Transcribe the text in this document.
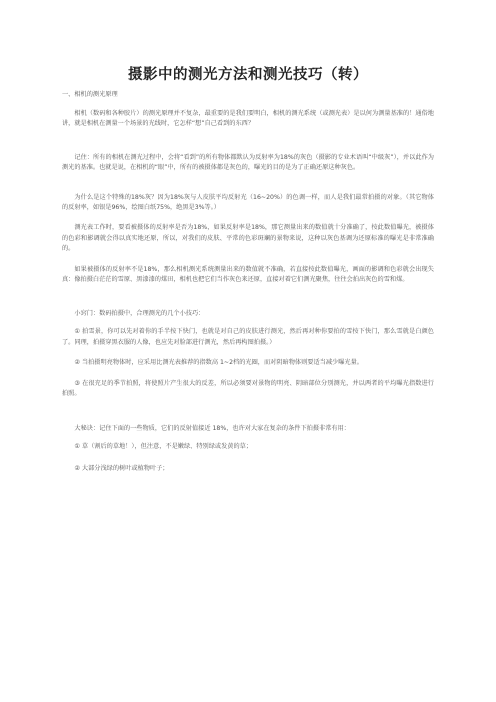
摄影中的测光方法和测光技巧（转）
一、相机的测光原理

相机（数码和各种胶片）的测光原理并不复杂，最重要的是我们要明白，相机的测光系统（或测光表）是以何为测量基准的！通俗地讲，就是相机在测量一个场景的光线时，它怎样“想”自己看到的东西？

记住：所有的相机在测光过程中，会将“看到”的所有物体都默认为反射率为18%的灰色（摄影的专业术语叫“中级灰”），并以此作为测光的基准。也就是说，在相机的“眼”中，所有的被摄体都是灰色的，曝光的目的是为了正确还原这种灰色。

为什么是这个特殊的18%灰？因为18%灰与人皮肤平均反射光（16~20%）的色调一样，而人是我们最常拍摄的对象。（其它物体的反射率，如银是96%，绘图白纸75%，绝黑是3%等。）

测光表工作时，要看被摄体的反射率是否为18%，如果反射率是18%，那它测量出来的数值就十分准确了，按此数值曝光，被摄体的色彩和影调就会得以真实地还原，所以，对我们的皮肤、平常的色彩斑斓的景物来说，这种以灰色基调为还原标准的曝光是非常准确的。

如果被摄体的反射率不是18%，那么相机测光系统测量出来的数值就不准确，若直接按此数值曝光，画面的影调和色彩就会出现失真：像拍摄白茫茫的雪原、黑漆漆的煤田，相机也把它们当作灰色来还原，直接对着它们测光聚焦，往往会拍出灰色的雪和煤。

小窍门：数码拍摄中，合理测光的几个小技巧：

① 拍雪景，你可以先对着你的手半按下快门，也就是对自己的皮肤进行测光，然后再对种你要拍的雪按下快门，那么雪就是白颜色了。同理，拍摄穿黑衣服的人像，也应先对脸部进行测光，然后再构图拍摄。）

② 当拍摄明亮物体时，应采用比测光表推荐的指数高 1~2档的光圈，而对阴暗物体则要适当减少曝光量。

③ 在很充足的季节拍照，将使照片产生很大的反差，所以必须要对景物的明亮、阴暗部位分别测光，并以两者的平均曝光指数进行拍照。

大秘诀：记住下面的一些物质，它们的反射值接近 18%，也许对大家在复杂的条件下拍摄非常有用：

① 草（割后的草地！），但注意，不是嫩绿、特别绿或发黄的草；
② 大部分浅绿的树叶或植物叶子；
